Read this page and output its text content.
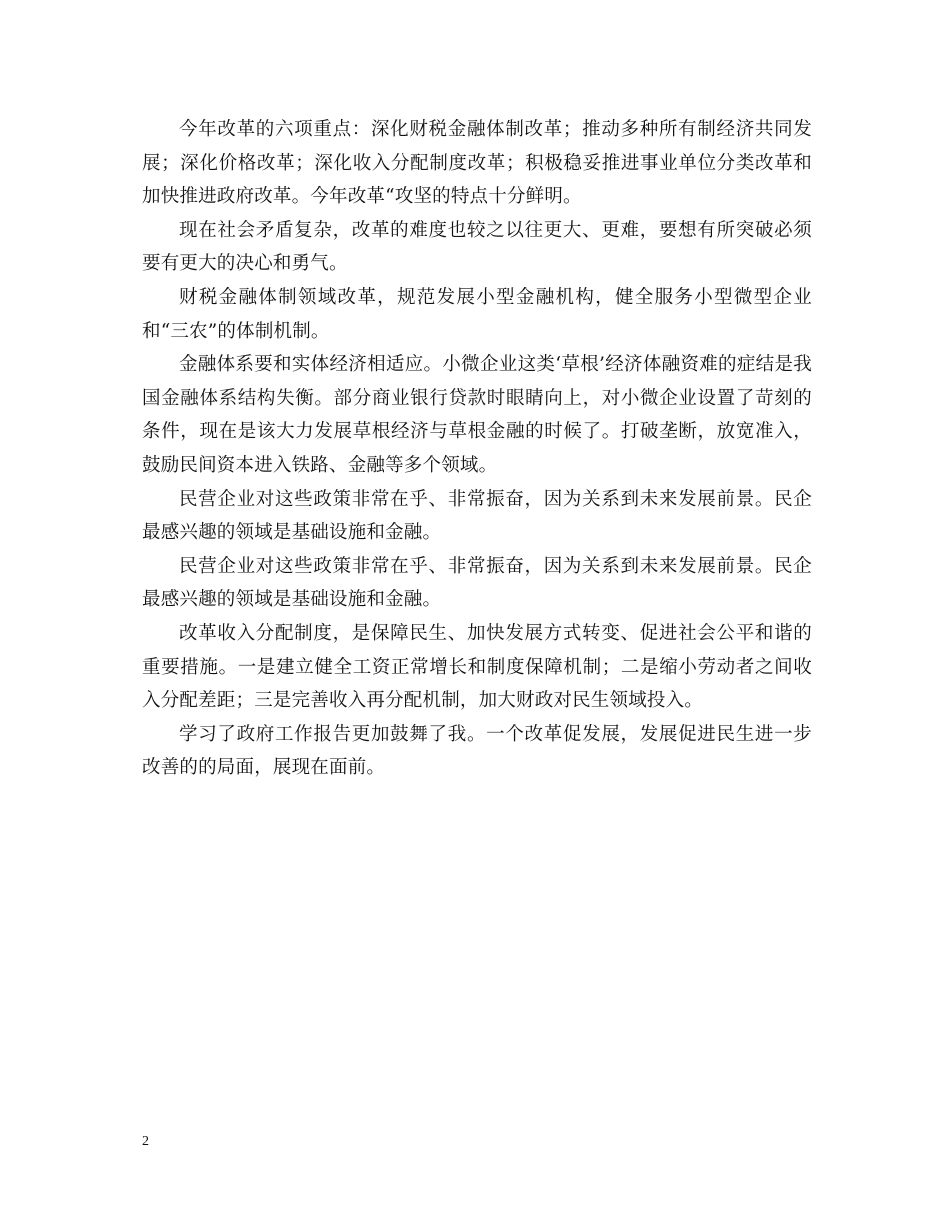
今年改革的六项重点：深化财税金融体制改革；推动多种所有制经济共同发展；深化价格改革；深化收入分配制度改革；积极稳妥推进事业单位分类改革和加快推进政府改革。今年改革“攻坚的特点十分鲜明。

现在社会矛盾复杂，改革的难度也较之以往更大、更难，要想有所突破必须要有更大的决心和勇气。

财税金融体制领域改革，规范发展小型金融机构，健全服务小型微型企业和“三农”的体制机制。

金融体系要和实体经济相适应。小微企业这类‘草根’经济体融资难的症结是我国金融体系结构失衡。部分商业银行贷款时眼睛向上，对小微企业设置了苛刻的条件，现在是该大力发展草根经济与草根金融的时候了。打破垄断，放宽准入，鼓励民间资本进入铁路、金融等多个领域。

民营企业对这些政策非常在乎、非常振奋，因为关系到未来发展前景。民企最感兴趣的领域是基础设施和金融。

民营企业对这些政策非常在乎、非常振奋，因为关系到未来发展前景。民企最感兴趣的领域是基础设施和金融。

改革收入分配制度，是保障民生、加快发展方式转变、促进社会公平和谐的重要措施。一是建立健全工资正常增长和制度保障机制；二是缩小劳动者之间收入分配差距；三是完善收入再分配机制，加大财政对民生领域投入。

学习了政府工作报告更加鼓舞了我。一个改革促发展，发展促进民生进一步改善的的局面，展现在面前。

2
